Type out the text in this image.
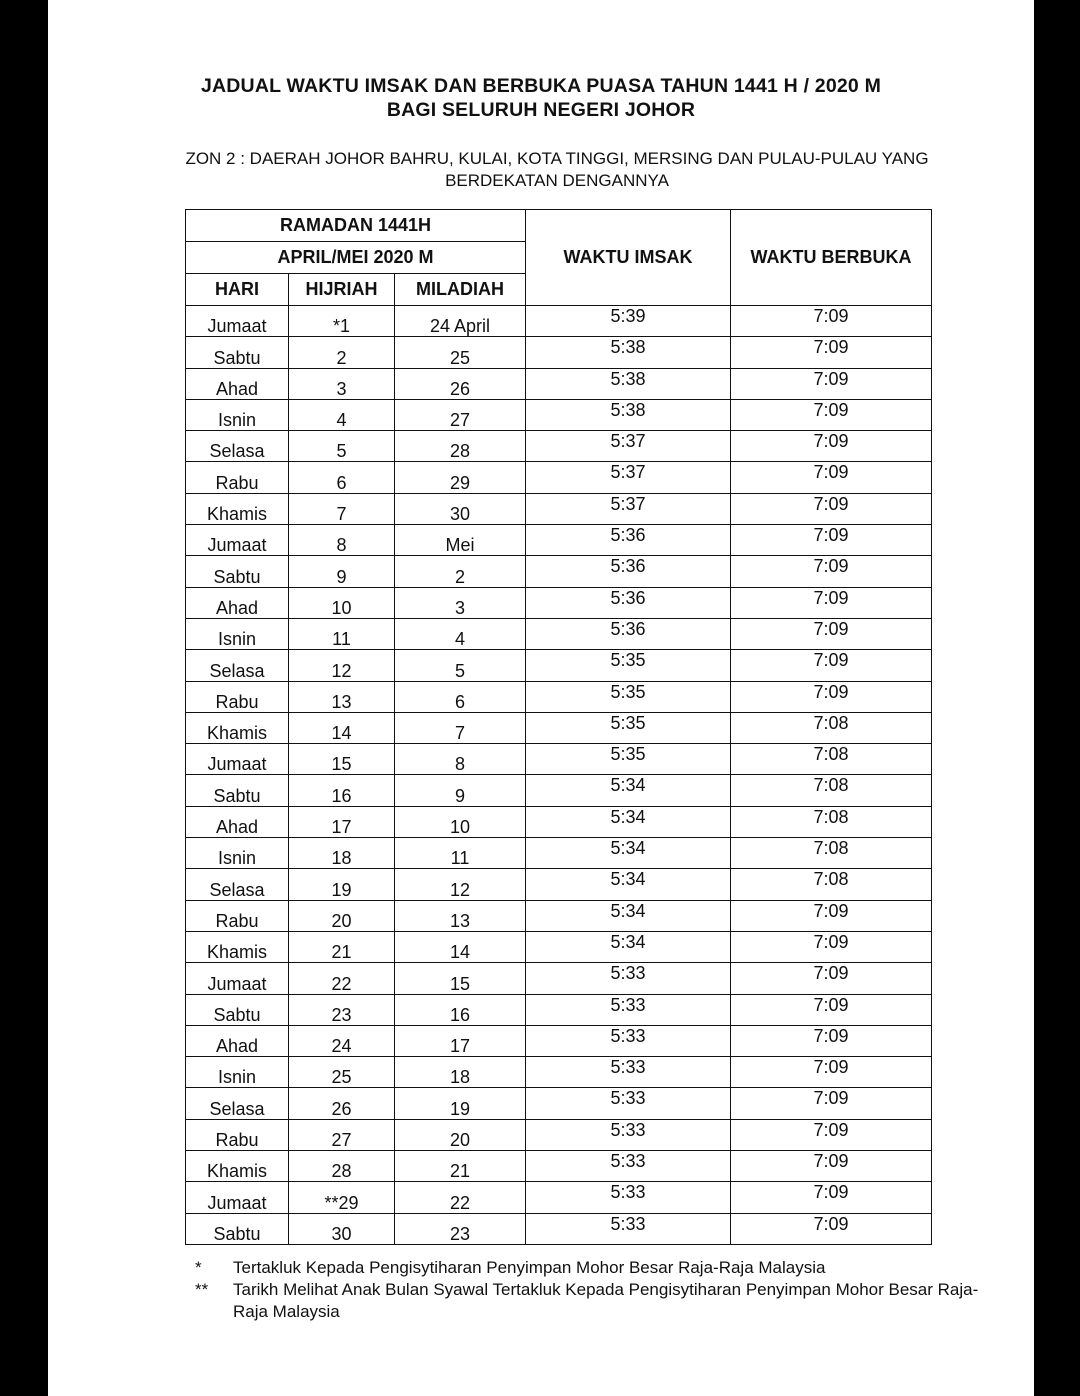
JADUAL WAKTU IMSAK DAN BERBUKA PUASA TAHUN 1441 H / 2020 M
BAGI SELURUH NEGERI JOHOR
ZON 2 : DAERAH JOHOR BAHRU, KULAI, KOTA TINGGI, MERSING DAN PULAU-PULAU YANG
BERDEKATAN DENGANNYA
RAMADAN 1441H			WAKTU IMSAK	WAKTU BERBUKA
APRIL/MEI 2020 M				
HARI	HIJRIAH	MILADIAH		
Jumaat	*1	24 April	5:39	7:09
Sabtu	2	25	5:38	7:09
Ahad	3	26	5:38	7:09
Isnin	4	27	5:38	7:09
Selasa	5	28	5:37	7:09
Rabu	6	29	5:37	7:09
Khamis	7	30	5:37	7:09
Jumaat	8	Mei	5:36	7:09
Sabtu	9	2	5:36	7:09
Ahad	10	3	5:36	7:09
Isnin	11	4	5:36	7:09
Selasa	12	5	5:35	7:09
Rabu	13	6	5:35	7:09
Khamis	14	7	5:35	7:08
Jumaat	15	8	5:35	7:08
Sabtu	16	9	5:34	7:08
Ahad	17	10	5:34	7:08
Isnin	18	11	5:34	7:08
Selasa	19	12	5:34	7:08
Rabu	20	13	5:34	7:09
Khamis	21	14	5:34	7:09
Jumaat	22	15	5:33	7:09
Sabtu	23	16	5:33	7:09
Ahad	24	17	5:33	7:09
Isnin	25	18	5:33	7:09
Selasa	26	19	5:33	7:09
Rabu	27	20	5:33	7:09
Khamis	28	21	5:33	7:09
Jumaat	**29	22	5:33	7:09
Sabtu	30	23	5:33	7:09
* Tertakluk Kepada Pengisytiharan Penyimpan Mohor Besar Raja-Raja Malaysia
** Tarikh Melihat Anak Bulan Syawal Tertakluk Kepada Pengisytiharan Penyimpan Mohor Besar Raja-Raja Malaysia
